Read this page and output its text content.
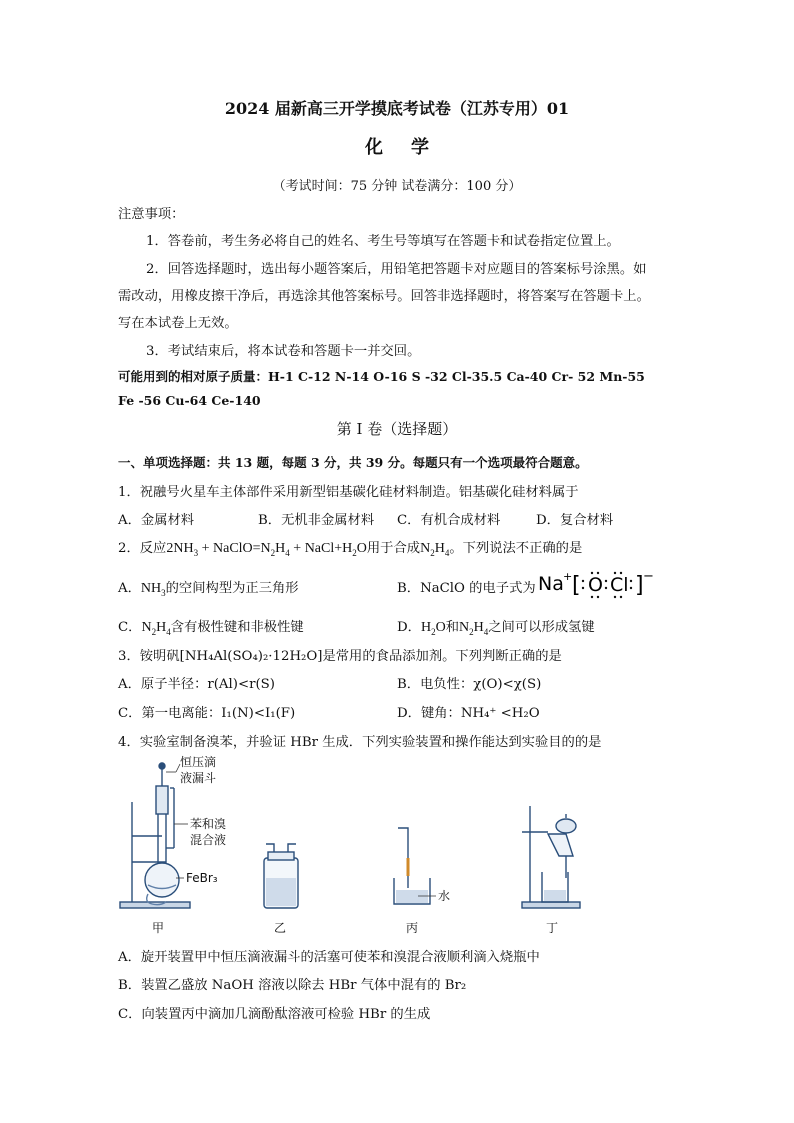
2024 届新高三开学摸底考试卷（江苏专用）01
化学
（考试时间：75 分钟 试卷满分：100 分）
注意事项：
1．答卷前，考生务必将自己的姓名、考生号等填写在答题卡和试卷指定位置上。
2．回答选择题时，选出每小题答案后，用铅笔把答题卡对应题目的答案标号涂黑。如
需改动，用橡皮擦干净后，再选涂其他答案标号。回答非选择题时，将答案写在答题卡上。
写在本试卷上无效。
3．考试结束后，将本试卷和答题卡一并交回。
可能用到的相对原子质量：H-1 C-12 N-14 O-16 S -32 Cl-35.5 Ca-40 Cr- 52 Mn-55
Fe -56 Cu-64 Ce-140
第 I 卷（选择题）
一、单项选择题：共 13 题，每题 3 分，共 39 分。每题只有一个选项最符合题意。
1．祝融号火星车主体部件采用新型铝基碳化硅材料制造。铝基碳化硅材料属于
A．金属材料	B．无机非金属材料 C．有机合成材料	D．复合材料
2．反应$2NH_3$ + $NaClO=N_2H_4$ + $NaCl+H_2O$用于合成$N_2H_4$。下列说法不正确的是
A．$NH_3$的空间构型为正三角形	B．NaClO 的电子式为 Na + [ O Cl ] −
C．$N_2H_4$含有极性键和非极性键	D．$H_2O$和$N_2H_4$之间可以形成氢键
3．铵明矾[NH₄Al(SO₄)₂·12H₂O]是常用的食品添加剂。下列判断正确的是
A．原子半径：r(Al)<r(S)	B．电负性：χ(O)<χ(S)
C．第一电离能：I₁(N)<I₁(F)	D．键角：NH₄⁺ <H₂O
4．实验室制备溴苯，并验证 HBr 生成．下列实验装置和操作能达到实验目的的是
恒压滴
液漏斗
苯和溴
混合液
FeBr₃
水
甲	乙	丙	丁
A．旋开装置甲中恒压滴液漏斗的活塞可使苯和溴混合液顺利滴入烧瓶中
B．装置乙盛放 NaOH 溶液以除去 HBr 气体中混有的 Br₂
C．向装置丙中滴加几滴酚酞溶液可检验 HBr 的生成
